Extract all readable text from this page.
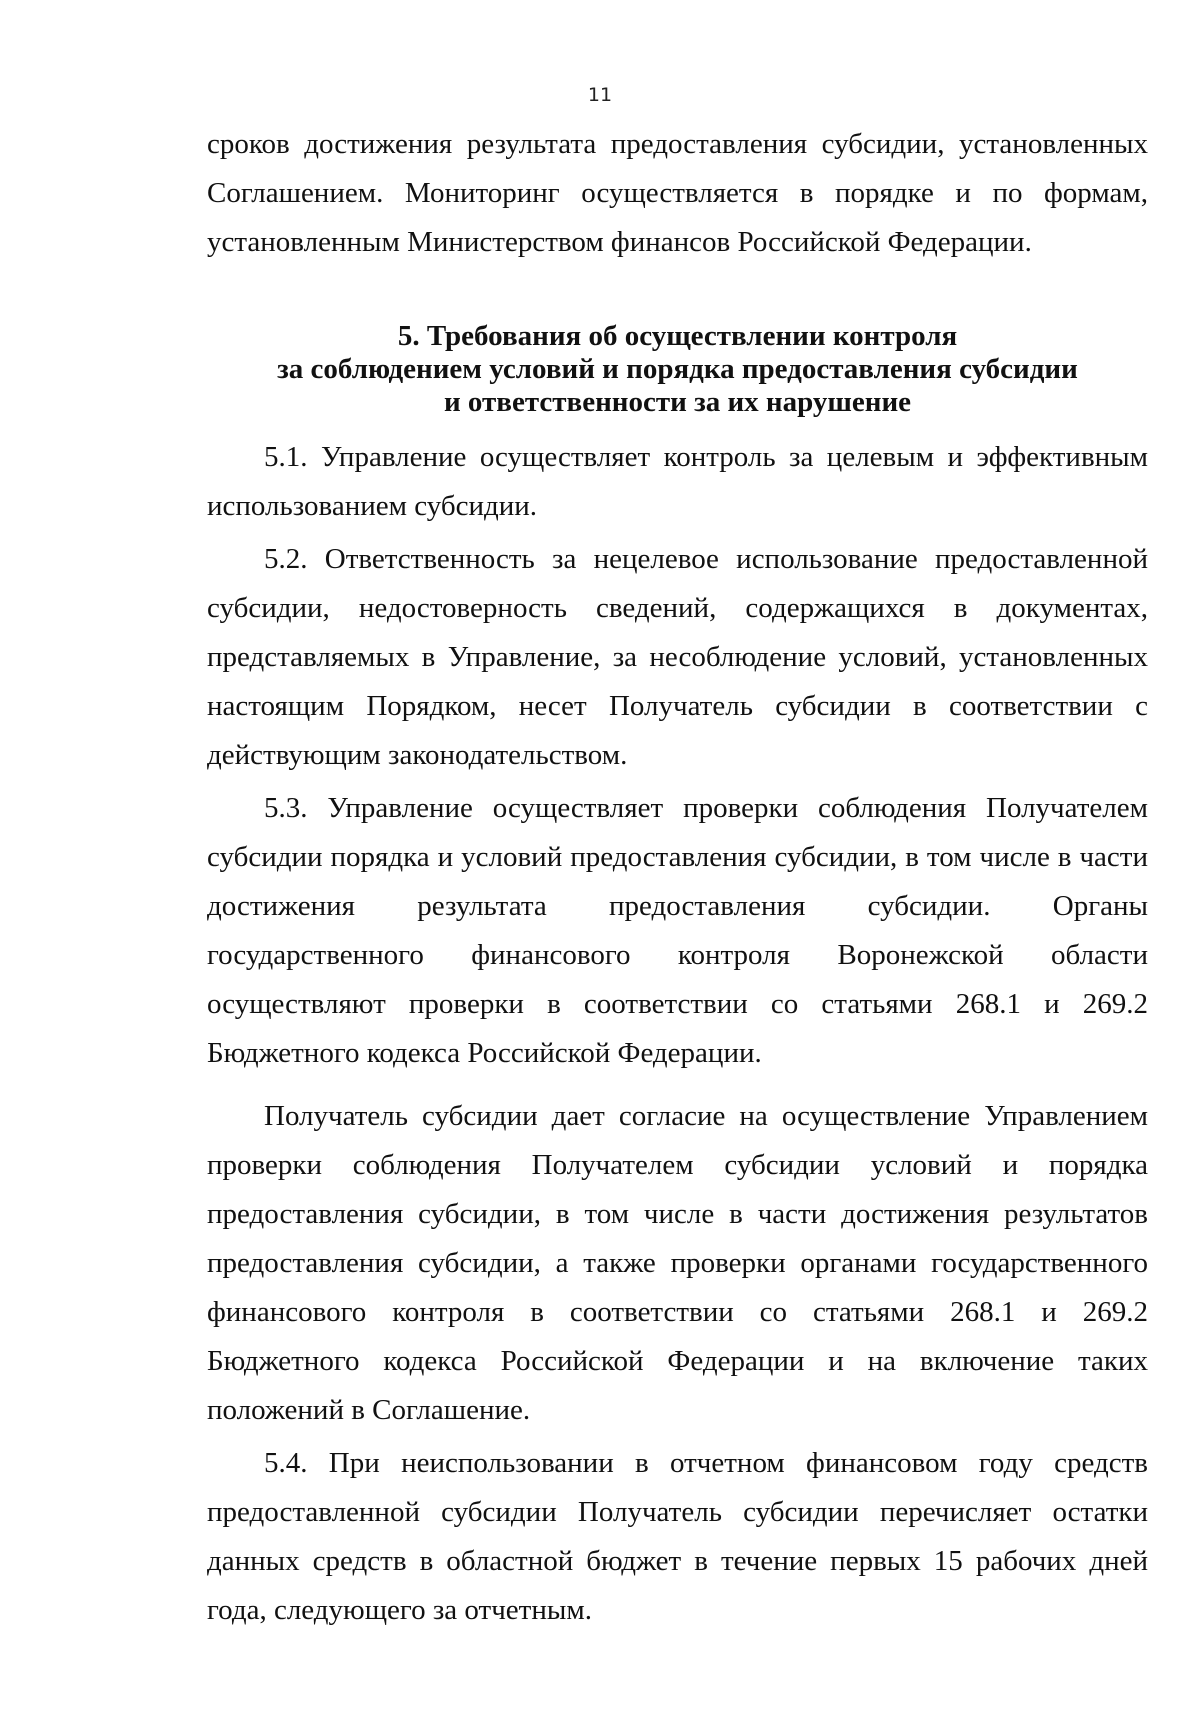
11

сроков достижения результата предоставления субсидии, установленных Соглашением. Мониторинг осуществляется в порядке и по формам, установленным Министерством финансов Российской Федерации.

5. Требования об осуществлении контроля
за соблюдением условий и порядка предоставления субсидии
и ответственности за их нарушение

5.1. Управление осуществляет контроль за целевым и эффективным использованием субсидии.

5.2. Ответственность за нецелевое использование предоставленной субсидии, недостоверность сведений, содержащихся в документах, представляемых в Управление, за несоблюдение условий, установленных настоящим Порядком, несет Получатель субсидии в соответствии с действующим законодательством.

5.3. Управление осуществляет проверки соблюдения Получателем субсидии порядка и условий предоставления субсидии, в том числе в части достижения результата предоставления субсидии. Органы государственного финансового контроля Воронежской области осуществляют проверки в соответствии со статьями 268.1 и 269.2 Бюджетного кодекса Российской Федерации.

Получатель субсидии дает согласие на осуществление Управлением проверки соблюдения Получателем субсидии условий и порядка предоставления субсидии, в том числе в части достижения результатов предоставления субсидии, а также проверки органами государственного финансового контроля в соответствии со статьями 268.1 и 269.2 Бюджетного кодекса Российской Федерации и на включение таких положений в Соглашение.

5.4. При неиспользовании в отчетном финансовом году средств предоставленной субсидии Получатель субсидии перечисляет остатки данных средств в областной бюджет в течение первых 15 рабочих дней года, следующего за отчетным.
